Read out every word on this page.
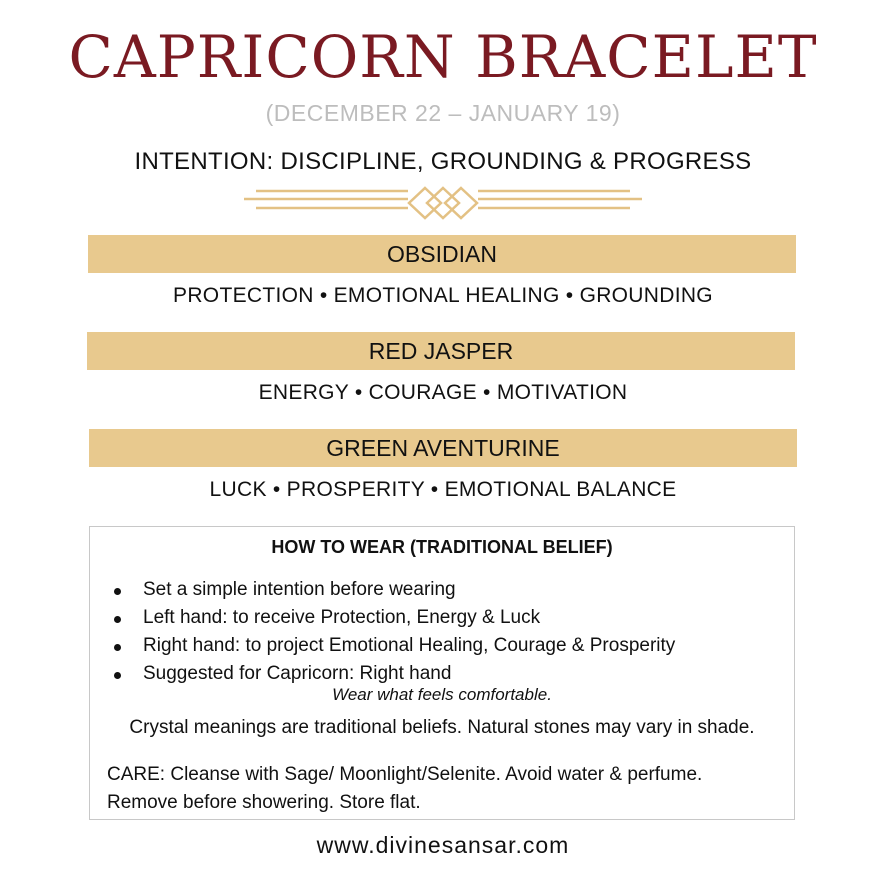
CAPRICORN BRACELET
(DECEMBER 22 – JANUARY 19)
INTENTION: DISCIPLINE, GROUNDING & PROGRESS
OBSIDIAN
PROTECTION • EMOTIONAL HEALING • GROUNDING
RED JASPER
ENERGY • COURAGE • MOTIVATION
GREEN AVENTURINE
LUCK • PROSPERITY • EMOTIONAL BALANCE
HOW TO WEAR (TRADITIONAL BELIEF)
Set a simple intention before wearing
Left hand: to receive Protection, Energy & Luck
Right hand: to project Emotional Healing, Courage & Prosperity
Suggested for Capricorn: Right hand
Wear what feels comfortable.
Crystal meanings are traditional beliefs. Natural stones may vary in shade.
CARE: Cleanse with Sage/ Moonlight/Selenite. Avoid water & perfume.
Remove before showering. Store flat.
www.divinesansar.com
